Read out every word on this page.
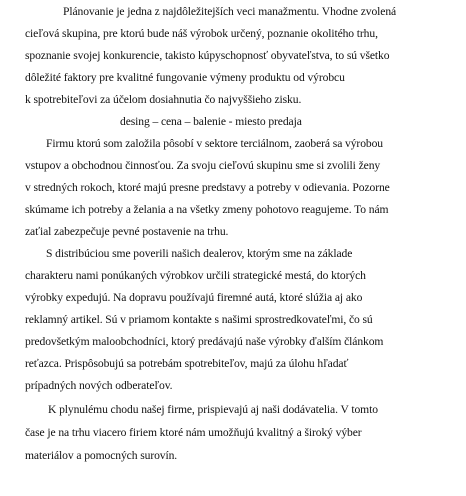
Plánovanie je jedna z najdôležitejších veci manažmentu. Vhodne zvolená
cieľová skupina, pre ktorú bude náš výrobok určený, poznanie okolitého trhu,
spoznanie svojej konkurencie, takisto kúpyschopnosť obyvateľstva, to sú všetko
dôležité faktory pre kvalitné fungovanie výmeny produktu od výrobcu
k spotrebiteľovi za účelom dosiahnutia čo najvyššieho zisku.
desing – cena – balenie - miesto predaja
Firmu ktorú som založila pôsobí v sektore terciálnom, zaoberá sa výrobou
vstupov a obchodnou činnosťou. Za svoju cieľovú skupinu sme si zvolili ženy
v stredných rokoch, ktoré majú presne predstavy a potreby v odievania. Pozorne
skúmame ich potreby a želania a na všetky zmeny pohotovo reagujeme. To nám
zaťial zabezpečuje pevné postavenie na trhu.
S distribúciou sme poverili našich dealerov, ktorým sme na základe
charakteru nami ponúkaných výrobkov určili strategické mestá, do ktorých
výrobky expedujú. Na dopravu používajú firemné autá, ktoré slúžia aj ako
reklamný artikel. Sú v priamom kontakte s našimi sprostredkovateľmi, čo sú
predovšetkým maloobchodníci, ktorý predávajú naše výrobky ďalším článkom
reťazca. Prispôsobujú sa potrebám spotrebiteľov, majú za úlohu hľadať
prípadných nových odberateľov.
K plynulému chodu našej firme, prispievajú aj naši dodávatelia. V tomto
čase je na trhu viacero firiem ktoré nám umožňujú kvalitný a široký výber
materiálov a pomocných surovín.
